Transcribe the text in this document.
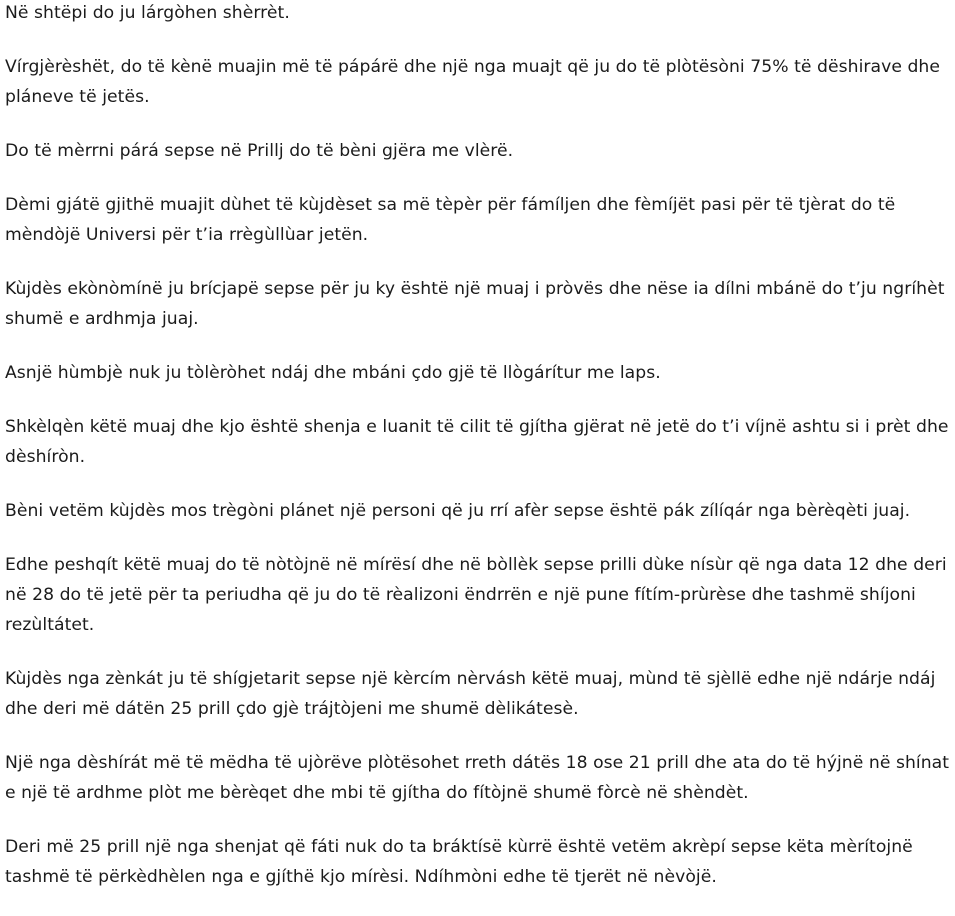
Në shtëpi do ju lárgòhen shèrrèt.

Vírgjèrèshët, do të kènë muajin më të pápárë dhe një nga muajt që ju do të plòtësòni 75% të dëshirave dhe pláneve të jetës.

Do të mèrrni párá sepse në Prillj do të bèni gjëra me vlèrë.

Dèmi gjátë gjithë muajit dùhet të kùjdèset sa më tèpèr për fámíljen dhe fèmíjët pasi për të tjèrat do të mèndòjë Universi për t’ia rrègùllùar jetën.

Kùjdès ekònòmínë ju brícjapë sepse për ju ky është një muaj i pròvës dhe nëse ia dílni mbánë do t’ju ngríhèt shumë e ardhmja juaj.

Asnjë hùmbjè nuk ju tòlèròhet ndáj dhe mbáni çdo gjë të llògárítur me laps.

Shkèlqèn këtë muaj dhe kjo është shenja e luanit të cilit të gjítha gjërat në jetë do t’i víjnë ashtu si i prèt dhe dèshíròn.

Bèni vetëm kùjdès mos trègòni plánet një personi që ju rrí afèr sepse është pák zílíqár nga bèrèqèti juaj.

Edhe peshqít këtë muaj do të nòtòjnë në mírësí dhe në bòllèk sepse prilli dùke nísùr që nga data 12 dhe deri në 28 do të jetë për ta periudha që ju do të rèalizoni ëndrrën e një pune fítím-prùrèse dhe tashmë shíjoni rezùltátet.

Kùjdès nga zènkát ju të shígjetarit sepse një kèrcím nèrvásh këtë muaj, mùnd të sjèllë edhe një ndárje ndáj dhe deri më dátën 25 prill çdo gjè trájtòjeni me shumë dèlikátesè.

Një nga dèshírát më të mëdha të ujòrëve plòtësohet rreth dátës 18 ose 21 prill dhe ata do të hýjnë në shínat e një të ardhme plòt me bèrèqet dhe mbi të gjítha do fítòjnë shumë fòrcè në shèndèt.

Deri më 25 prill një nga shenjat që fáti nuk do ta bráktísë kùrrë është vetëm akrèpí sepse këta mèrítojnë tashmë të përkèdhèlen nga e gjíthë kjo mírèsi. Ndíhmòni edhe të tjerët në nèvòjë.
